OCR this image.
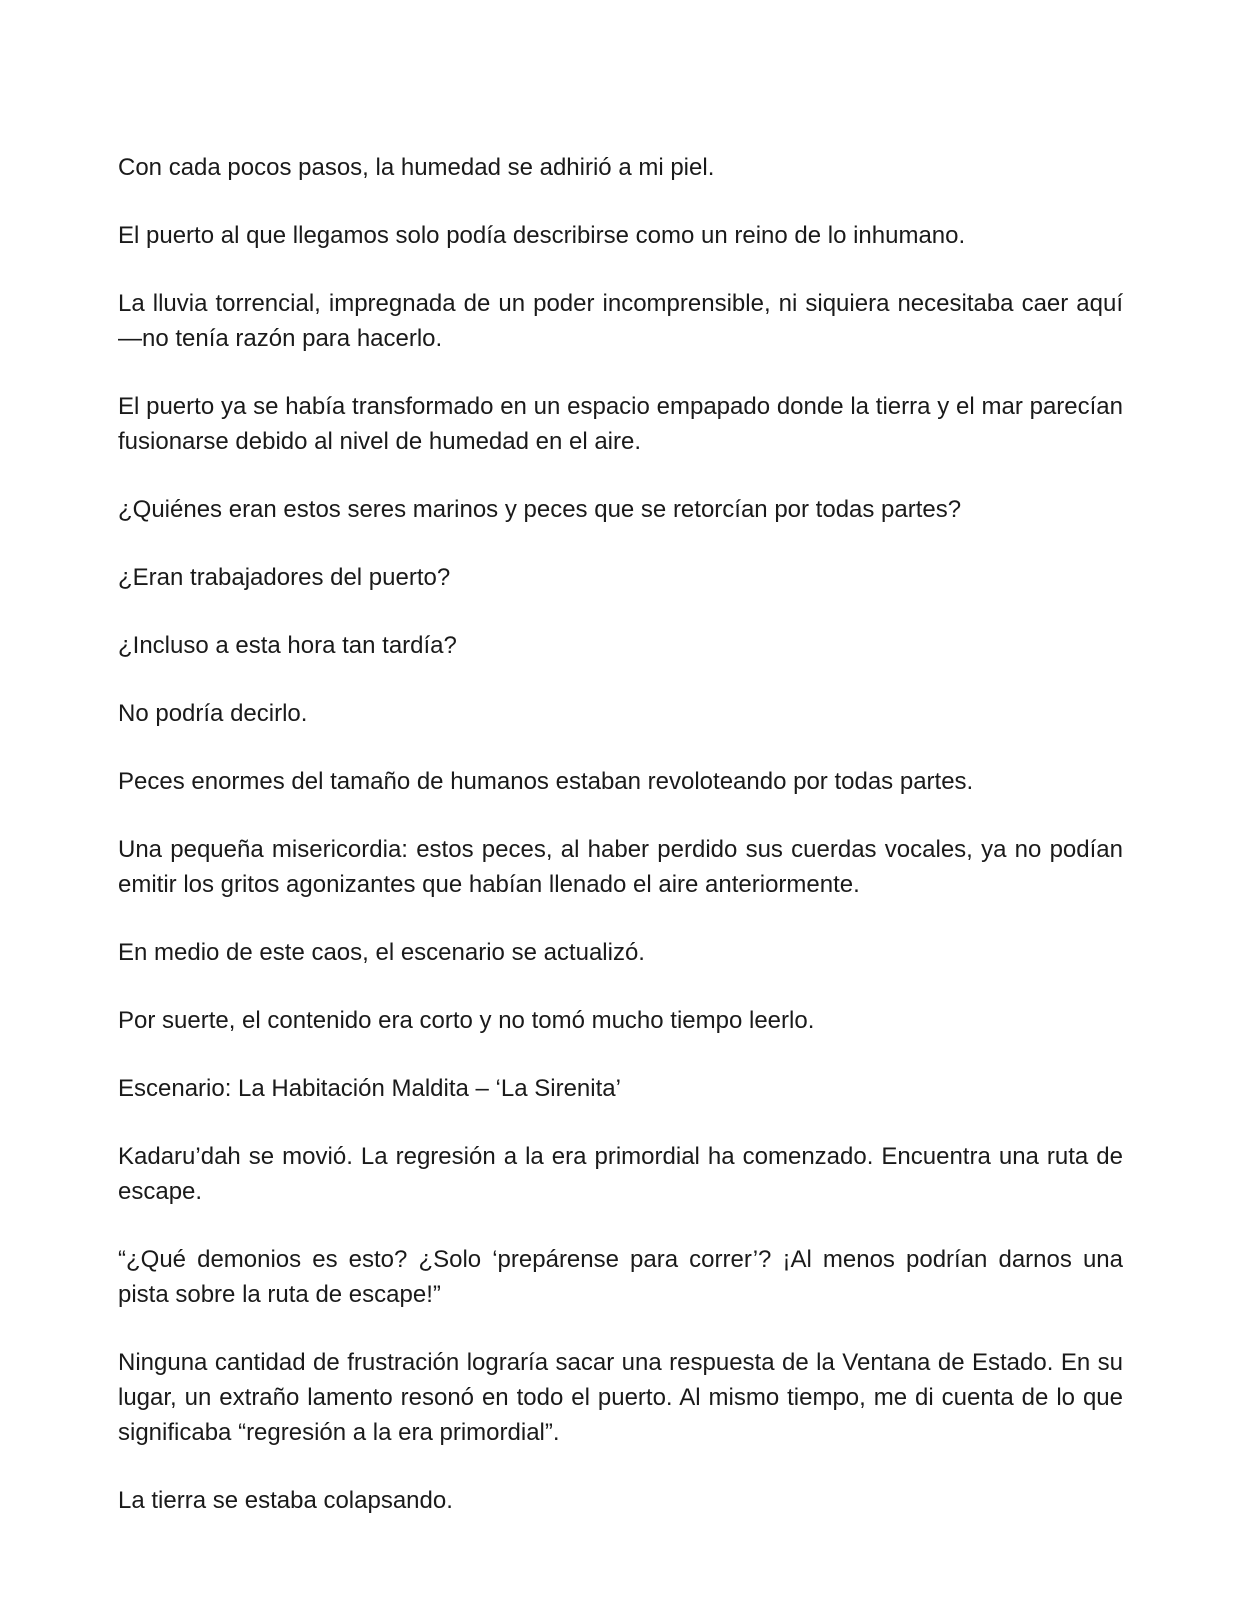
Con cada pocos pasos, la humedad se adhirió a mi piel.

El puerto al que llegamos solo podía describirse como un reino de lo inhumano.

La lluvia torrencial, impregnada de un poder incomprensible, ni siquiera necesitaba caer aquí—no tenía razón para hacerlo.

El puerto ya se había transformado en un espacio empapado donde la tierra y el mar parecían fusionarse debido al nivel de humedad en el aire.

¿Quiénes eran estos seres marinos y peces que se retorcían por todas partes?

¿Eran trabajadores del puerto?

¿Incluso a esta hora tan tardía?

No podría decirlo.

Peces enormes del tamaño de humanos estaban revoloteando por todas partes.

Una pequeña misericordia: estos peces, al haber perdido sus cuerdas vocales, ya no podían emitir los gritos agonizantes que habían llenado el aire anteriormente.

En medio de este caos, el escenario se actualizó.

Por suerte, el contenido era corto y no tomó mucho tiempo leerlo.

Escenario: La Habitación Maldita – ‘La Sirenita’

Kadaru’dah se movió. La regresión a la era primordial ha comenzado. Encuentra una ruta de escape.

“¿Qué demonios es esto? ¿Solo ‘prepárense para correr’? ¡Al menos podrían darnos una pista sobre la ruta de escape!”

Ninguna cantidad de frustración lograría sacar una respuesta de la Ventana de Estado. En su lugar, un extraño lamento resonó en todo el puerto. Al mismo tiempo, me di cuenta de lo que significaba “regresión a la era primordial”.

La tierra se estaba colapsando.
